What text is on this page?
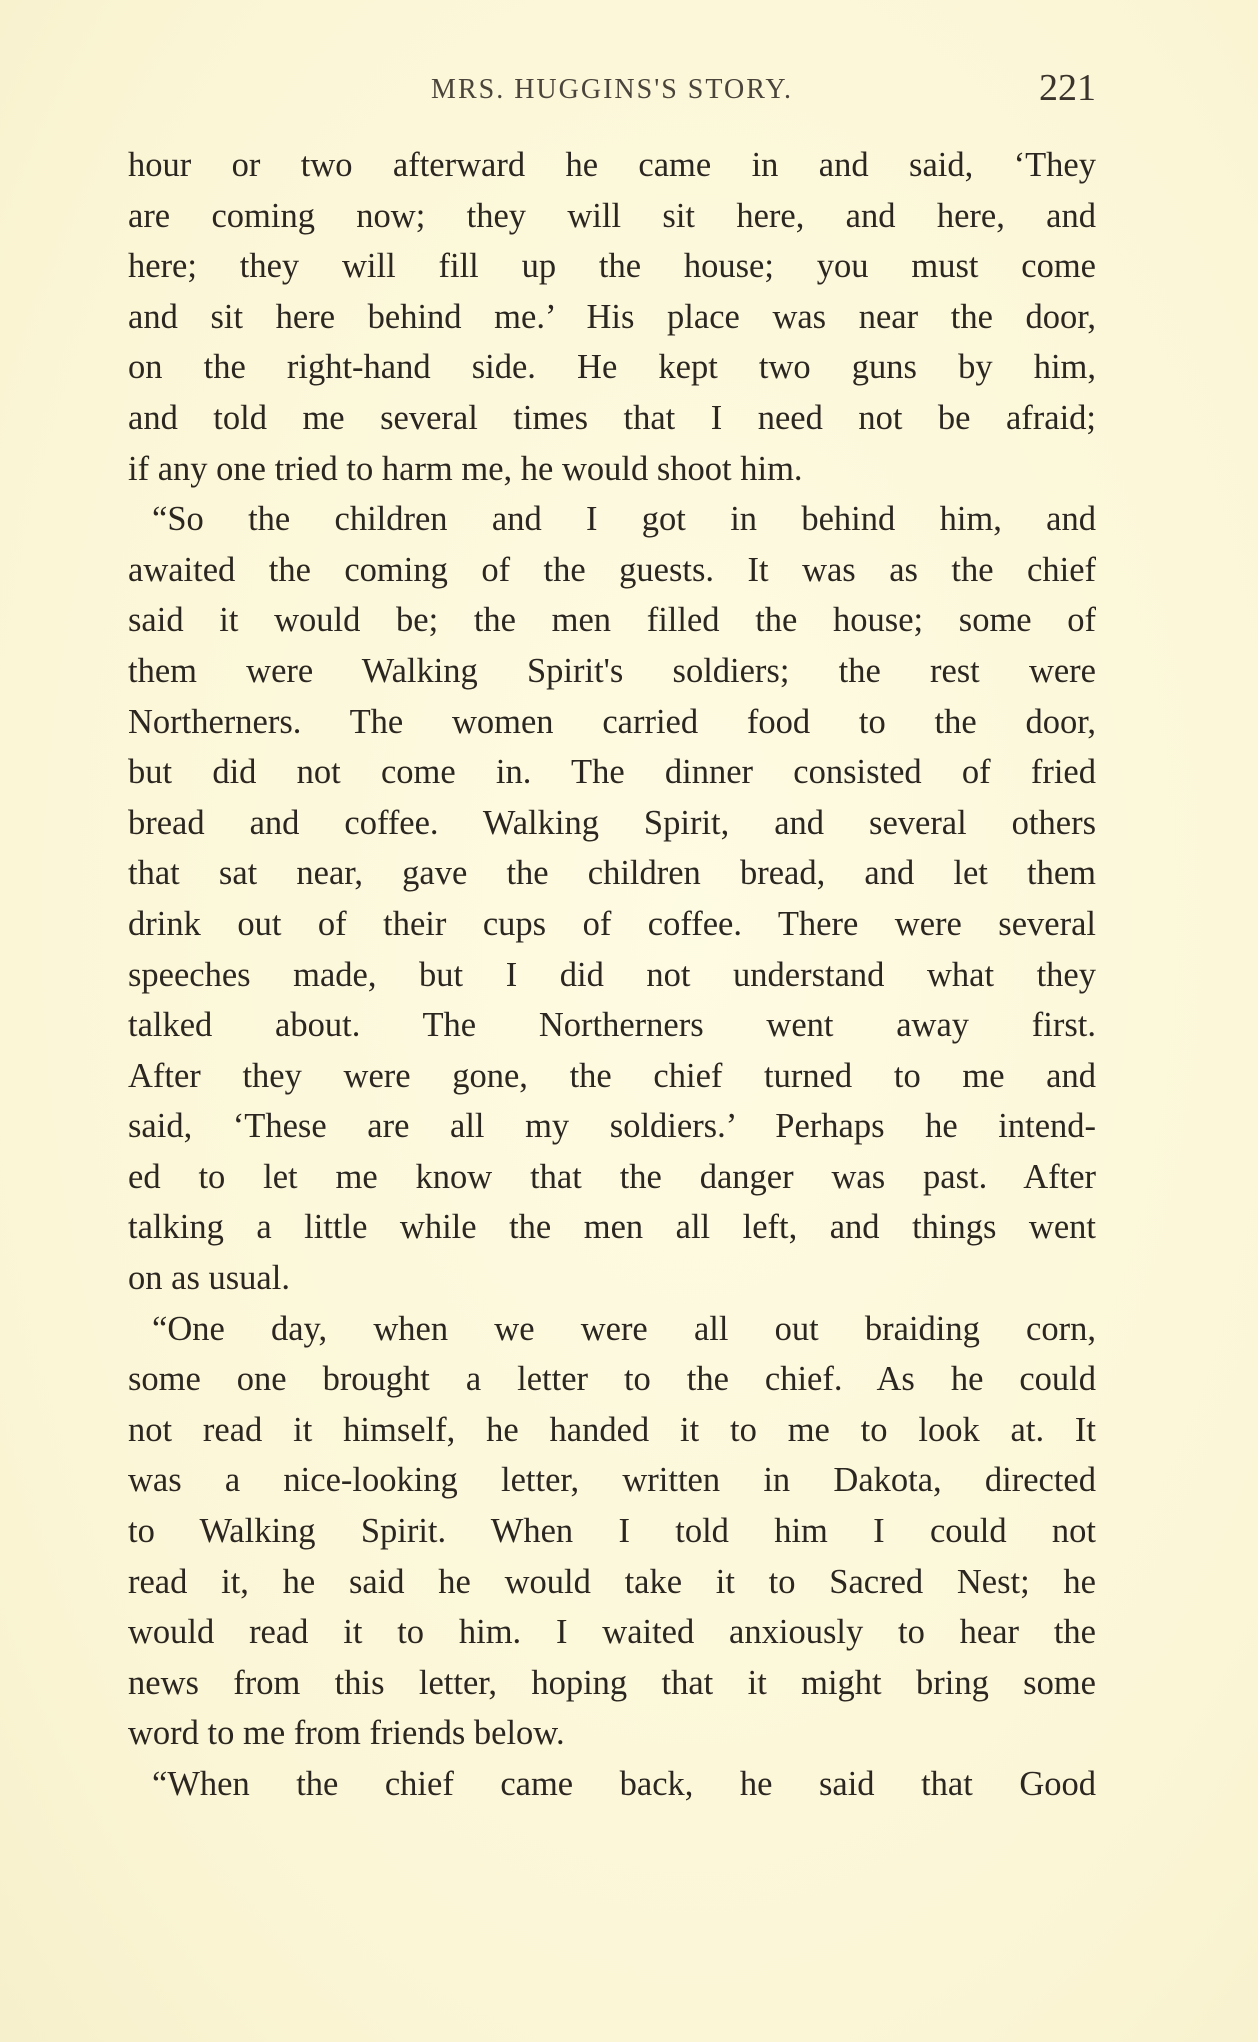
MRS. HUGGINS'S STORY.	221
hour or two afterward he came in and said, ‘They
are coming now; they will sit here, and here, and
here; they will fill up the house; you must come
and sit here behind me.’ His place was near the door,
on the right-hand side. He kept two guns by him,
and told me several times that I need not be afraid;
if any one tried to harm me, he would shoot him.
“So the children and I got in behind him, and
awaited the coming of the guests. It was as the chief
said it would be; the men filled the house; some of
them were Walking Spirit's soldiers; the rest were
Northerners. The women carried food to the door,
but did not come in. The dinner consisted of fried
bread and coffee. Walking Spirit, and several others
that sat near, gave the children bread, and let them
drink out of their cups of coffee. There were several
speeches made, but I did not understand what they
talked about. The Northerners went away first.
After they were gone, the chief turned to me and
said, ‘These are all my soldiers.’ Perhaps he intend-
ed to let me know that the danger was past. After
talking a little while the men all left, and things went
on as usual.
“One day, when we were all out braiding corn,
some one brought a letter to the chief. As he could
not read it himself, he handed it to me to look at. It
was a nice-looking letter, written in Dakota, directed
to Walking Spirit. When I told him I could not
read it, he said he would take it to Sacred Nest; he
would read it to him. I waited anxiously to hear the
news from this letter, hoping that it might bring some
word to me from friends below.
“When the chief came back, he said that Good
